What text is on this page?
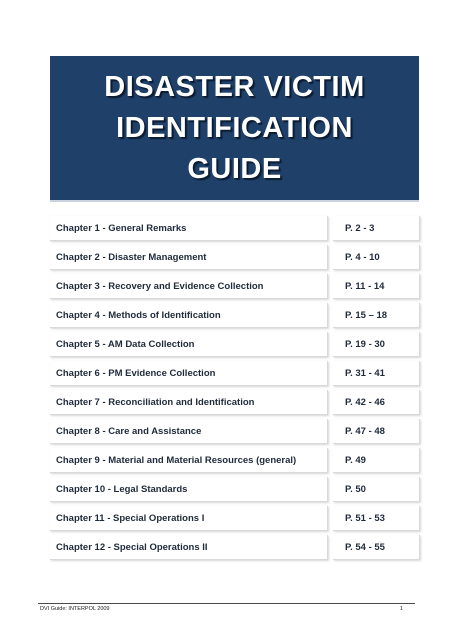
DISASTER VICTIM
IDENTIFICATION
GUIDE
Chapter 1 - General Remarks	P. 2 - 3
Chapter 2 - Disaster Management	P. 4 - 10
Chapter 3 - Recovery and Evidence Collection	P. 11 - 14
Chapter 4 - Methods of Identification	P. 15 – 18
Chapter 5 - AM Data Collection	P. 19 - 30
Chapter 6 - PM Evidence Collection	P. 31 - 41
Chapter 7 - Reconciliation and Identification	P. 42 - 46
Chapter 8 - Care and Assistance	P. 47 - 48
Chapter 9 - Material and Material Resources (general)	P. 49
Chapter 10 - Legal Standards	P. 50
Chapter 11 - Special Operations I	P. 51 - 53
Chapter 12 - Special Operations II	P. 54 - 55
DVI Guide: INTERPOL 2009	1
